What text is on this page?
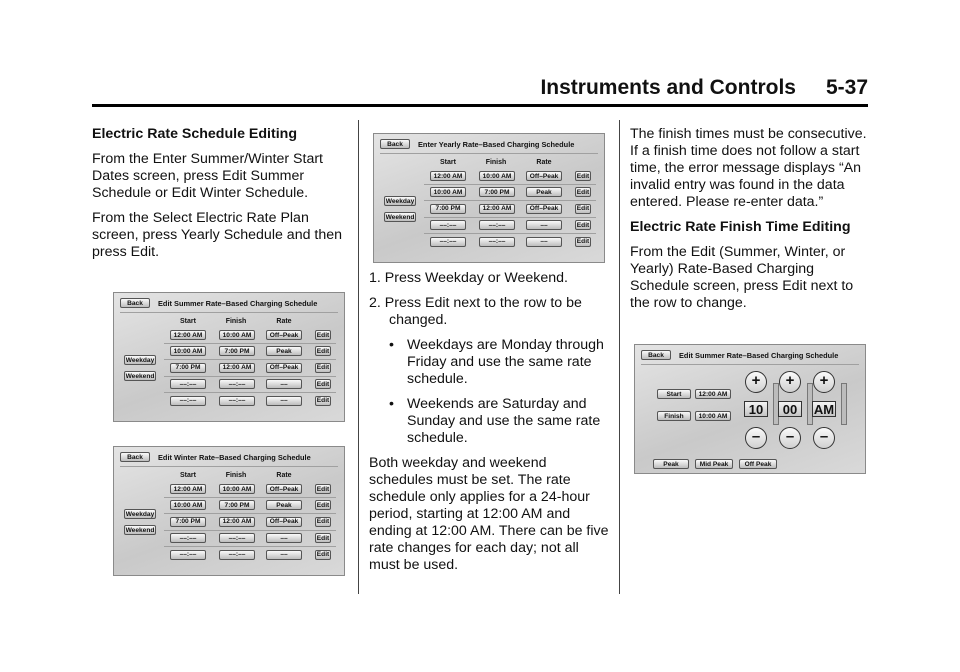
Instruments and Controls 5-37

Electric Rate Schedule Editing

From the Enter Summer/Winter Start Dates screen, press Edit Summer Schedule or Edit Winter Schedule.

From the Select Electric Rate Plan screen, press Yearly Schedule and then press Edit.

1. Press Weekday or Weekend.
2. Press Edit next to the row to be changed.
• Weekdays are Monday through Friday and use the same rate schedule.
• Weekends are Saturday and Sunday and use the same rate schedule.

Both weekday and weekend schedules must be set. The rate schedule only applies for a 24-hour period, starting at 12:00 AM and ending at 12:00 AM. There can be five rate changes for each day; not all must be used.

The finish times must be consecutive. If a finish time does not follow a start time, the error message displays “An invalid entry was found in the data entered. Please re-enter data.”

Electric Rate Finish Time Editing

From the Edit (Summer, Winter, or Yearly) Rate-Based Charging Schedule screen, press Edit next to the row to change.

Back	Edit Summer Rate–Based Charging Schedule
Start	Finish	Rate
Weekday
Weekend
12:00 AM	10:00 AM	Off–Peak	Edit
10:00 AM	7:00 PM	Peak	Edit
7:00 PM	12:00 AM	Off–Peak	Edit
––:––	––:––	––	Edit
––:––	––:––	––	Edit
Back	Edit Winter Rate–Based Charging Schedule
Start	Finish	Rate
Weekday
Weekend
12:00 AM	10:00 AM	Off–Peak	Edit
10:00 AM	7:00 PM	Peak	Edit
7:00 PM	12:00 AM	Off–Peak	Edit
––:––	––:––	––	Edit
––:––	––:––	––	Edit
Back	Enter Yearly Rate–Based Charging Schedule
Start	Finish	Rate
Weekday
Weekend
12:00 AM	10:00 AM	Off–Peak	Edit
10:00 AM	7:00 PM	Peak	Edit
7:00 PM	12:00 AM	Off–Peak	Edit
––:––	––:––	––	Edit
––:––	––:––	––	Edit
Back	Edit Summer Rate–Based Charging Schedule
Start	12:00 AM
Finish	10:00 AM
+
10
–
+
00
–
+
AM
–
Peak	Mid Peak	Off Peak
